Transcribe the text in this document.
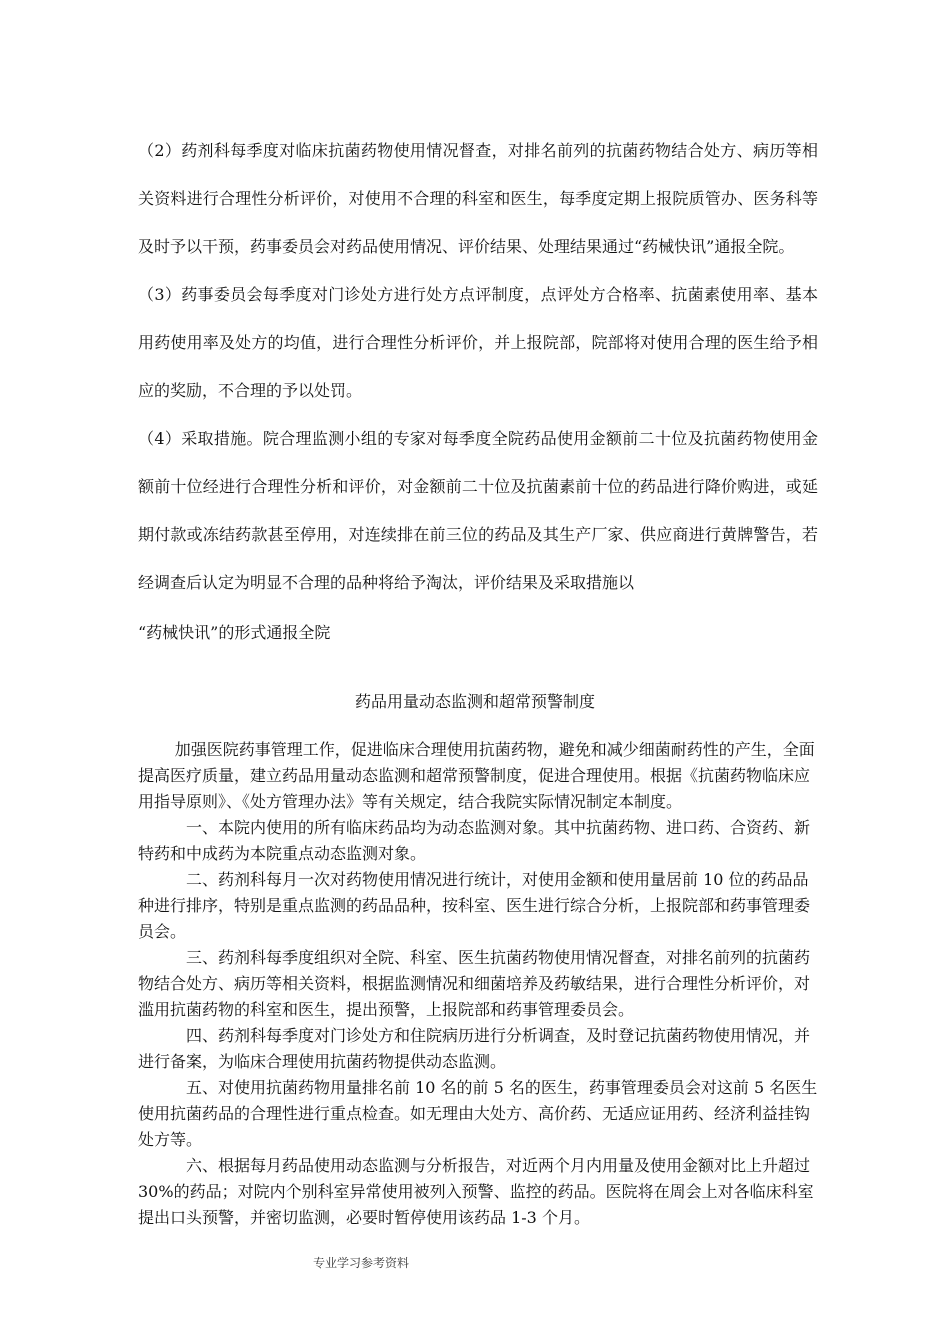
（2）药剂科每季度对临床抗菌药物使用情况督查，对排名前列的抗菌药物结合处方、病历等相关资料进行合理性分析评价，对使用不合理的科室和医生，每季度定期上报院质管办、医务科等及时予以干预，药事委员会对药品使用情况、评价结果、处理结果通过“药械快讯”通报全院。

（3）药事委员会每季度对门诊处方进行处方点评制度，点评处方合格率、抗菌素使用率、基本用药使用率及处方的均值，进行合理性分析评价，并上报院部，院部将对使用合理的医生给予相应的奖励，不合理的予以处罚。

（4）采取措施。院合理监测小组的专家对每季度全院药品使用金额前二十位及抗菌药物使用金额前十位经进行合理性分析和评价，对金额前二十位及抗菌素前十位的药品进行降价购进，或延期付款或冻结药款甚至停用，对连续排在前三位的药品及其生产厂家、供应商进行黄牌警告，若经调查后认定为明显不合理的品种将给予淘汰，评价结果及采取措施以

“药械快讯”的形式通报全院

药品用量动态监测和超常预警制度

加强医院药事管理工作，促进临床合理使用抗菌药物，避免和减少细菌耐药性的产生，全面提高医疗质量，建立药品用量动态监测和超常预警制度，促进合理使用。根据《抗菌药物临床应用指导原则》、《处方管理办法》等有关规定，结合我院实际情况制定本制度。

一、本院内使用的所有临床药品均为动态监测对象。其中抗菌药物、进口药、合资药、新特药和中成药为本院重点动态监测对象。

二、药剂科每月一次对药物使用情况进行统计，对使用金额和使用量居前 10 位的药品品种进行排序，特别是重点监测的药品品种，按科室、医生进行综合分析，上报院部和药事管理委员会。

三、药剂科每季度组织对全院、科室、医生抗菌药物使用情况督查，对排名前列的抗菌药物结合处方、病历等相关资料，根据监测情况和细菌培养及药敏结果，进行合理性分析评价，对滥用抗菌药物的科室和医生，提出预警，上报院部和药事管理委员会。

四、药剂科每季度对门诊处方和住院病历进行分析调查，及时登记抗菌药物使用情况，并进行备案，为临床合理使用抗菌药物提供动态监测。

五、对使用抗菌药物用量排名前 10 名的前 5 名的医生，药事管理委员会对这前 5 名医生使用抗菌药品的合理性进行重点检查。如无理由大处方、高价药、无适应证用药、经济利益挂钩处方等。

六、根据每月药品使用动态监测与分析报告，对近两个月内用量及使用金额对比上升超过 30%的药品；对院内个别科室异常使用被列入预警、监控的药品。医院将在周会上对各临床科室提出口头预警，并密切监测，必要时暂停使用该药品 1-3 个月。

专业学习参考资料
